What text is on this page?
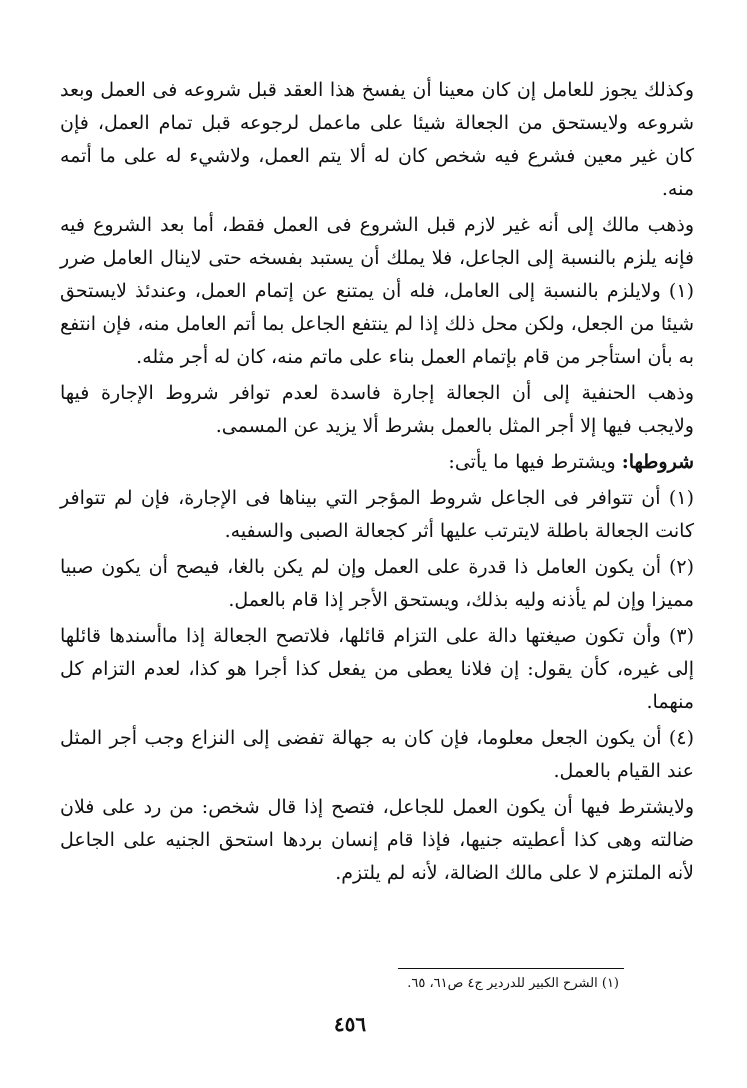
وكذلك يجوز للعامل إن كان معينا أن يفسخ هذا العقد قبل شروعه فى العمل وبعد شروعه ولايستحق من الجعالة شيئا على ماعمل لرجوعه قبل تمام العمل، فإن كان غير معين فشرع فيه شخص كان له ألا يتم العمل، ولاشيء له على ما أتمه منه.

وذهب مالك إلى أنه غير لازم قبل الشروع فى العمل فقط، أما بعد الشروع فيه فإنه يلزم بالنسبة إلى الجاعل، فلا يملك أن يستبد بفسخه حتى لاينال العامل ضرر (١) ولايلزم بالنسبة إلى العامل، فله أن يمتنع عن إتمام العمل، وعندئذ لايستحق شيئا من الجعل، ولكن محل ذلك إذا لم ينتفع الجاعل بما أتم العامل منه، فإن انتفع به بأن استأجر من قام بإتمام العمل بناء على ماتم منه، كان له أجر مثله.

وذهب الحنفية إلى أن الجعالة إجارة فاسدة لعدم توافر شروط الإجارة فيها ولايجب فيها إلا أجر المثل بالعمل بشرط ألا يزيد عن المسمى.

شروطها: ويشترط فيها ما يأتى:

(١) أن تتوافر فى الجاعل شروط المؤجر التي بيناها فى الإجارة، فإن لم تتوافر كانت الجعالة باطلة لايترتب عليها أثر كجعالة الصبى والسفيه.

(٢) أن يكون العامل ذا قدرة على العمل وإن لم يكن بالغا، فيصح أن يكون صبيا مميزا وإن لم يأذنه وليه بذلك، ويستحق الأجر إذا قام بالعمل.

(٣) وأن تكون صيغتها دالة على التزام قائلها، فلاتصح الجعالة إذا ماأسندها قائلها إلى غيره، كأن يقول: إن فلانا يعطى من يفعل كذا أجرا هو كذا، لعدم التزام كل منهما.

(٤) أن يكون الجعل معلوما، فإن كان به جهالة تفضى إلى النزاع وجب أجر المثل عند القيام بالعمل.

ولايشترط فيها أن يكون العمل للجاعل، فتصح إذا قال شخص: من رد على فلان ضالته وهى كذا أعطيته جنيها، فإذا قام إنسان بردها استحق الجنيه على الجاعل لأنه الملتزم لا على مالك الضالة، لأنه لم يلتزم.

(١) الشرح الكبير للدردير ج٤ ص٦١، ٦٥.
٤٥٦
